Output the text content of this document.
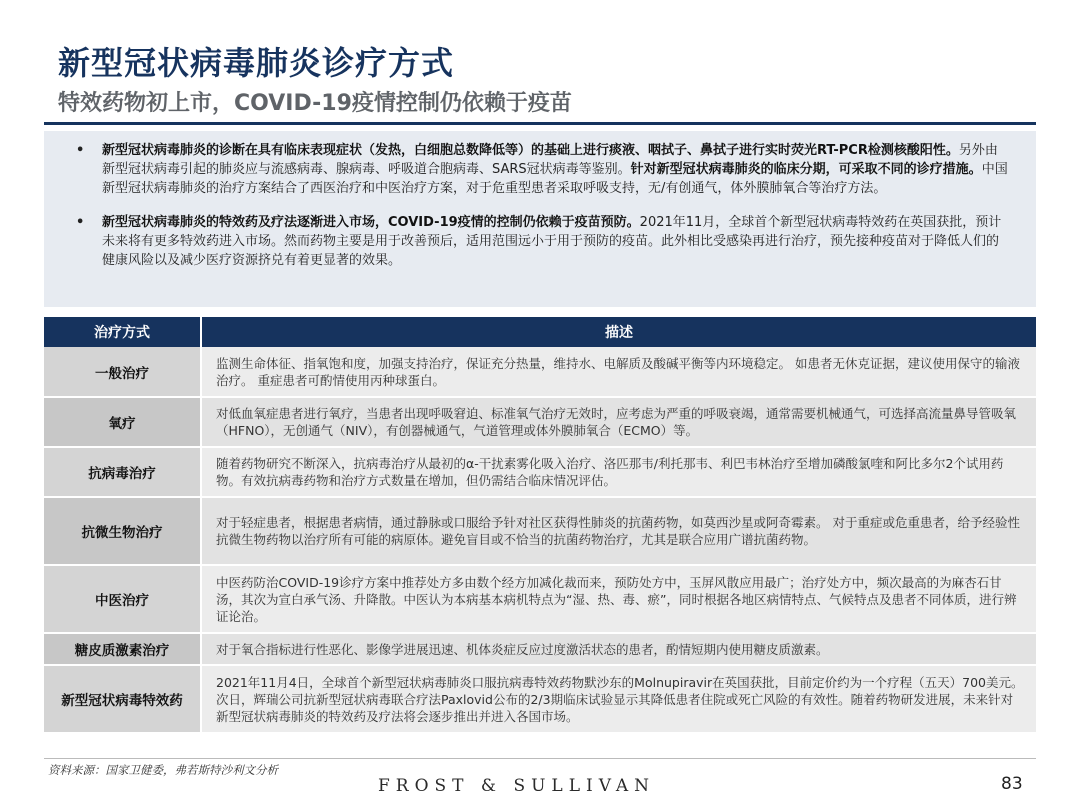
新型冠状病毒肺炎诊疗方式
特效药物初上市，COVID-19疫情控制仍依赖于疫苗
• 新型冠状病毒肺炎的诊断在具有临床表现症状（发热，白细胞总数降低等）的基础上进行痰液、咽拭子、鼻拭子进行实时荧光RT-PCR检测核酸阳性。另外由新型冠状病毒引起的肺炎应与流感病毒、腺病毒、呼吸道合胞病毒、SARS冠状病毒等鉴别。针对新型冠状病毒肺炎的临床分期，可采取不同的诊疗措施。中国新型冠状病毒肺炎的治疗方案结合了西医治疗和中医治疗方案，对于危重型患者采取呼吸支持，无/有创通气，体外膜肺氧合等治疗方法。
• 新型冠状病毒肺炎的特效药及疗法逐渐进入市场，COVID-19疫情的控制仍依赖于疫苗预防。2021年11月，全球首个新型冠状病毒特效药在英国获批，预计未来将有更多特效药进入市场。然而药物主要是用于改善预后，适用范围远小于用于预防的疫苗。此外相比受感染再进行治疗，预先接种疫苗对于降低人们的健康风险以及减少医疗资源挤兑有着更显著的效果。
治疗方式	描述
一般治疗	监测生命体征、指氧饱和度，加强支持治疗，保证充分热量，维持水、电解质及酸碱平衡等内环境稳定。 如患者无休克证据，建议使用保守的输液治疗。 重症患者可酌情使用丙种球蛋白。
氧疗	对低血氧症患者进行氧疗，当患者出现呼吸窘迫、标准氧气治疗无效时，应考虑为严重的呼吸衰竭，通常需要机械通气，可选择高流量鼻导管吸氧（HFNO），无创通气（NIV），有创器械通气，气道管理或体外膜肺氧合（ECMO）等。
抗病毒治疗	随着药物研究不断深入，抗病毒治疗从最初的α-干扰素雾化吸入治疗、洛匹那韦/利托那韦、利巴韦林治疗至增加磷酸氯喹和阿比多尔2个试用药物。有效抗病毒药物和治疗方式数量在增加，但仍需结合临床情况评估。
抗微生物治疗	对于轻症患者，根据患者病情，通过静脉或口服给予针对社区获得性肺炎的抗菌药物，如莫西沙星或阿奇霉素。 对于重症或危重患者，给予经验性抗微生物药物以治疗所有可能的病原体。避免盲目或不恰当的抗菌药物治疗，尤其是联合应用广谱抗菌药物。
中医治疗	中医药防治COVID-19诊疗方案中推荐处方多由数个经方加减化裁而来，预防处方中，玉屏风散应用最广；治疗处方中，频次最高的为麻杏石甘汤，其次为宣白承气汤、升降散。中医认为本病基本病机特点为“湿、热、毒、瘀”，同时根据各地区病情特点、气候特点及患者不同体质，进行辨证论治。
糖皮质激素治疗	对于氧合指标进行性恶化、影像学进展迅速、机体炎症反应过度激活状态的患者，酌情短期内使用糖皮质激素。
新型冠状病毒特效药	2021年11月4日，全球首个新型冠状病毒肺炎口服抗病毒特效药物默沙东的Molnupiravir在英国获批，目前定价约为一个疗程（五天）700美元。次日，辉瑞公司抗新型冠状病毒联合疗法Paxlovid公布的2/3期临床试验显示其降低患者住院或死亡风险的有效性。随着药物研发进展，未来针对新型冠状病毒肺炎的特效药及疗法将会逐步推出并进入各国市场。
资料来源：国家卫健委，弗若斯特沙利文分析
FROST & SULLIVAN	83
